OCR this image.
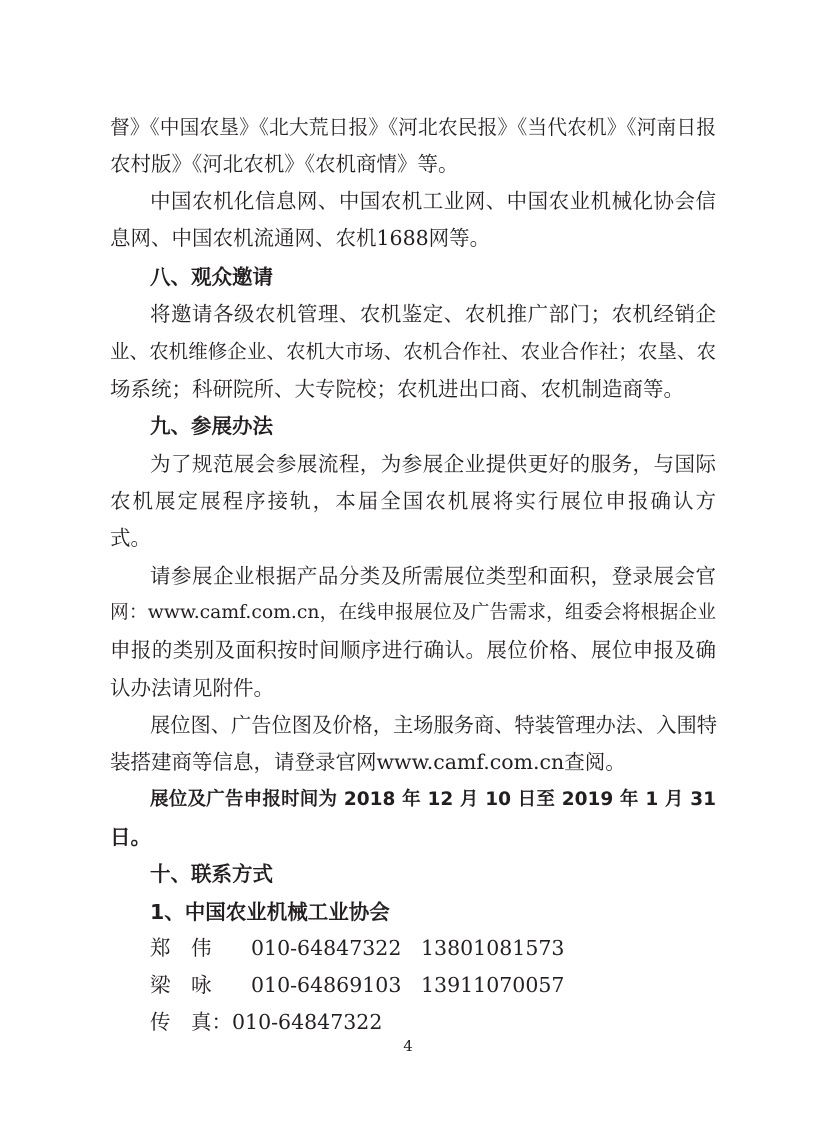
督》《中国农垦》《北大荒日报》《河北农民报》《当代农机》《河南日报
农村版》《河北农机》《农机商情》等。
中国农机化信息网、中国农机工业网、中国农业机械化协会信
息网、中国农机流通网、农机1688网等。
八、观众邀请
将邀请各级农机管理、农机鉴定、农机推广部门；农机经销企
业、农机维修企业、农机大市场、农机合作社、农业合作社；农垦、农
场系统；科研院所、大专院校；农机进出口商、农机制造商等。
九、参展办法
为了规范展会参展流程，为参展企业提供更好的服务，与国际
农机展定展程序接轨，本届全国农机展将实行展位申报确认方
式。
请参展企业根据产品分类及所需展位类型和面积，登录展会官
网：www.camf.com.cn，在线申报展位及广告需求，组委会将根据企业
申报的类别及面积按时间顺序进行确认。展位价格、展位申报及确
认办法请见附件。
展位图、广告位图及价格，主场服务商、特装管理办法、入围特
装搭建商等信息，请登录官网www.camf.com.cn查阅。
展位及广告申报时间为 2018 年 12 月 10 日至 2019 年 1 月 31
日。
十、联系方式
1、中国农业机械工业协会
郑　伟 010-64847322 13801081573
梁　咏 010-64869103 13911070057
传　真：010-64847322
4
